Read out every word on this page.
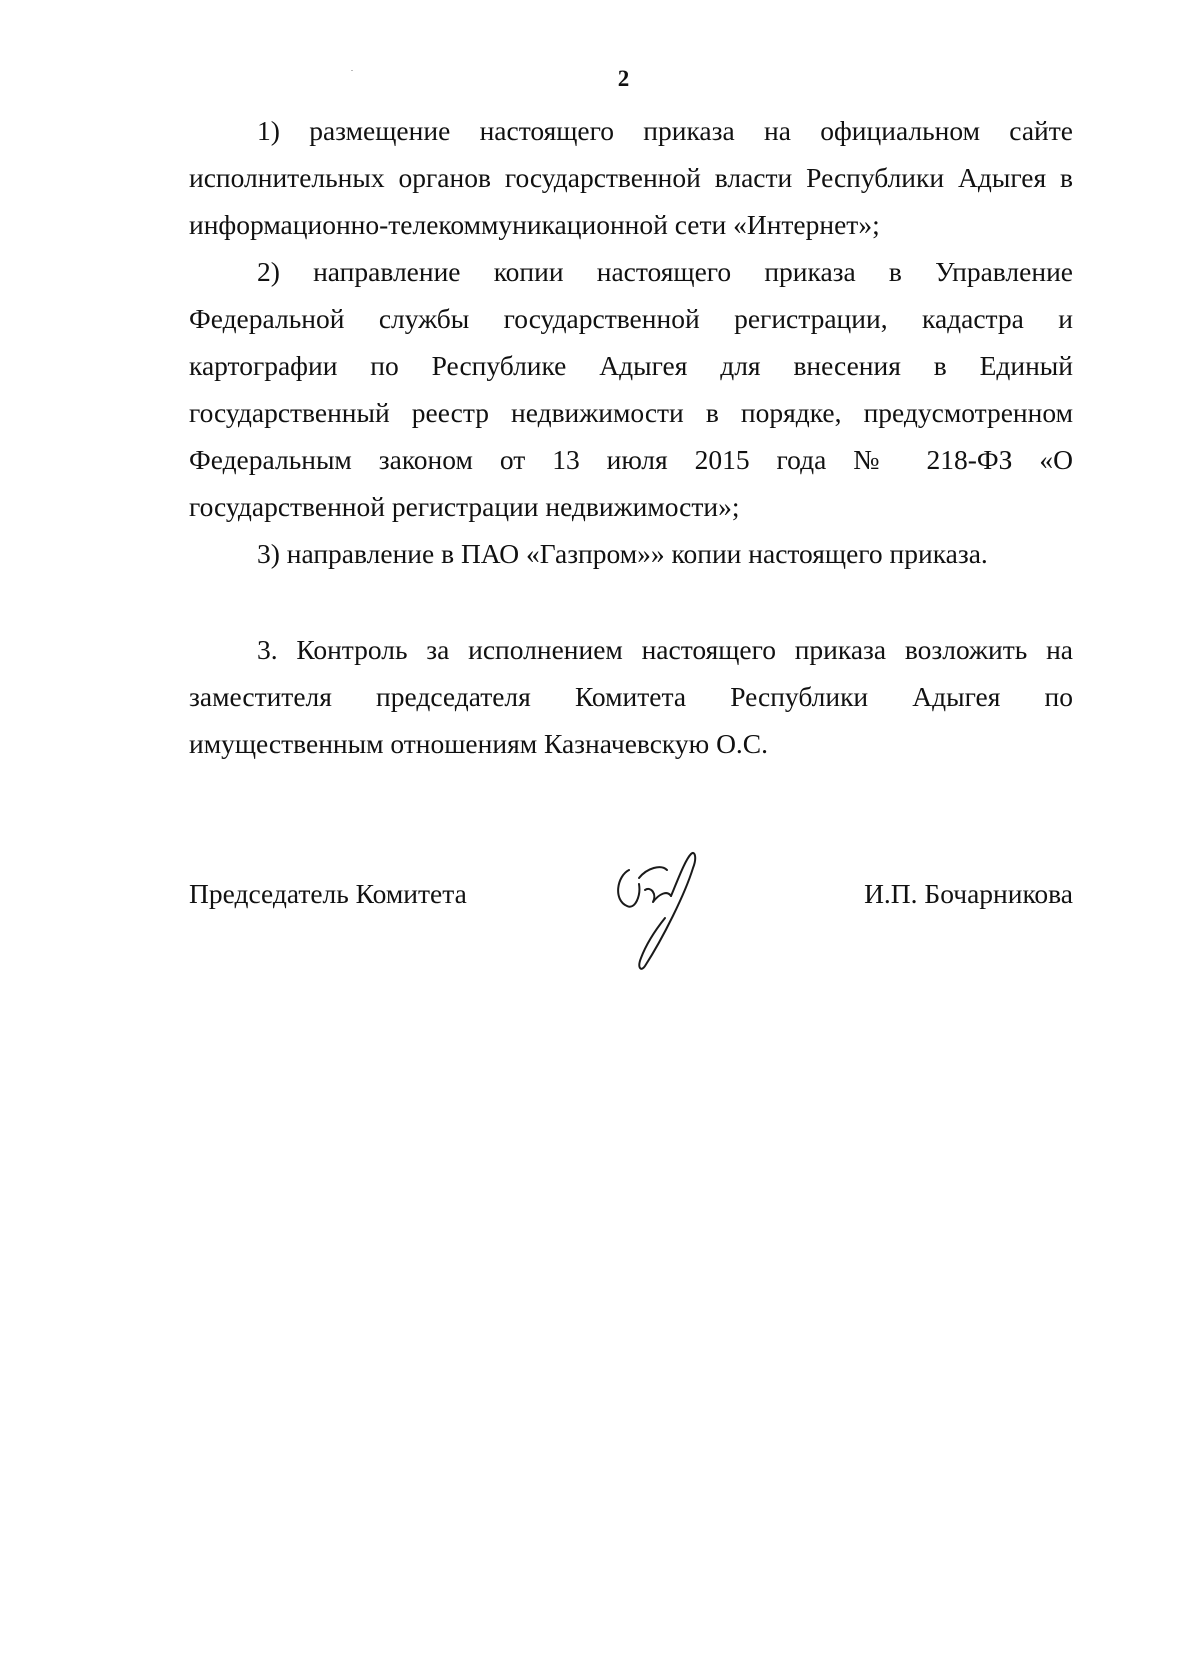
2

1) размещение настоящего приказа на официальном сайте исполнительных органов государственной власти Республики Адыгея в информационно-телекоммуникационной сети «Интернет»;

2) направление копии настоящего приказа в Управление Федеральной службы государственной регистрации, кадастра и картографии по Республике Адыгея для внесения в Единый государственный реестр недвижимости в порядке, предусмотренном Федеральным законом от 13 июля 2015 года № 218-ФЗ «О государственной регистрации недвижимости»;

3) направление в ПАО «Газпром»» копии настоящего приказа.

3. Контроль за исполнением настоящего приказа возложить на заместителя председателя Комитета Республики Адыгея по имущественным отношениям Казначевскую О.С.

Председатель Комитета	И.П. Бочарникова
